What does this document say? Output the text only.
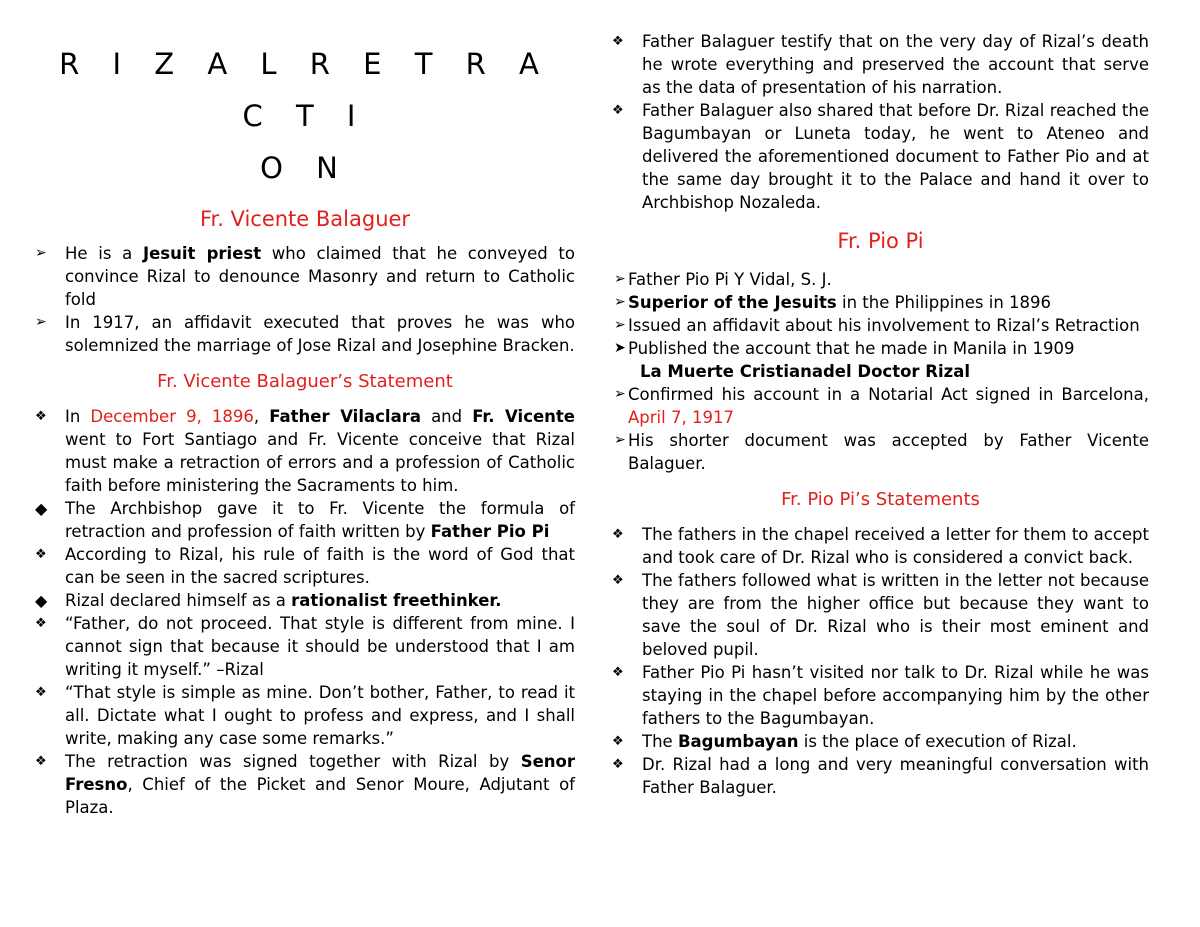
R I Z A L R E T R A C T I
O N
Fr. Vicente Balaguer
➢	He is a Jesuit priest who claimed that he conveyed to convince Rizal to denounce Masonry and return to Catholic fold
➢	In 1917, an affidavit executed that proves he was who solemnized the marriage of Jose Rizal and Josephine Bracken.
Fr. Vicente Balaguer’s Statement
❖	In December 9, 1896, Father Vilaclara and Fr. Vicente went to Fort Santiago and Fr. Vicente conceive that Rizal must make a retraction of errors and a profession of Catholic faith before ministering the Sacraments to him.
◆	The Archbishop gave it to Fr. Vicente the formula of retraction and profession of faith written by Father Pio Pi
❖	According to Rizal, his rule of faith is the word of God that can be seen in the sacred scriptures.
◆	Rizal declared himself as a rationalist freethinker.
❖	“Father, do not proceed. That style is different from mine. I cannot sign that because it should be understood that I am writing it myself.” –Rizal
❖	“That style is simple as mine. Don’t bother, Father, to read it all. Dictate what I ought to profess and express, and I shall write, making any case some remarks.”
❖	The retraction was signed together with Rizal by Senor Fresno, Chief of the Picket and Senor Moure, Adjutant of Plaza.
❖	Father Balaguer testify that on the very day of Rizal’s death he wrote everything and preserved the account that serve as the data of presentation of his narration.
❖	Father Balaguer also shared that before Dr. Rizal reached the Bagumbayan or Luneta today, he went to Ateneo and delivered the aforementioned document to Father Pio and at the same day brought it to the Palace and hand it over to Archbishop Nozaleda.
Fr. Pio Pi
➢ Father Pio Pi Y Vidal, S. J.
➢ Superior of the Jesuits in the Philippines in 1896
➢ Issued an affidavit about his involvement to Rizal’s Retraction
➤ Published the account that he made in Manila in 1909
La Muerte Cristianadel Doctor Rizal
➢ Confirmed his account in a Notarial Act signed in Barcelona, April 7, 1917
➢ His shorter document was accepted by Father Vicente Balaguer.
Fr. Pio Pi’s Statements
❖	The fathers in the chapel received a letter for them to accept and took care of Dr. Rizal who is considered a convict back.
❖	The fathers followed what is written in the letter not because they are from the higher office but because they want to save the soul of Dr. Rizal who is their most eminent and beloved pupil.
❖	Father Pio Pi hasn’t visited nor talk to Dr. Rizal while he was staying in the chapel before accompanying him by the other fathers to the Bagumbayan.
❖	The Bagumbayan is the place of execution of Rizal.
❖	Dr. Rizal had a long and very meaningful conversation with Father Balaguer.
